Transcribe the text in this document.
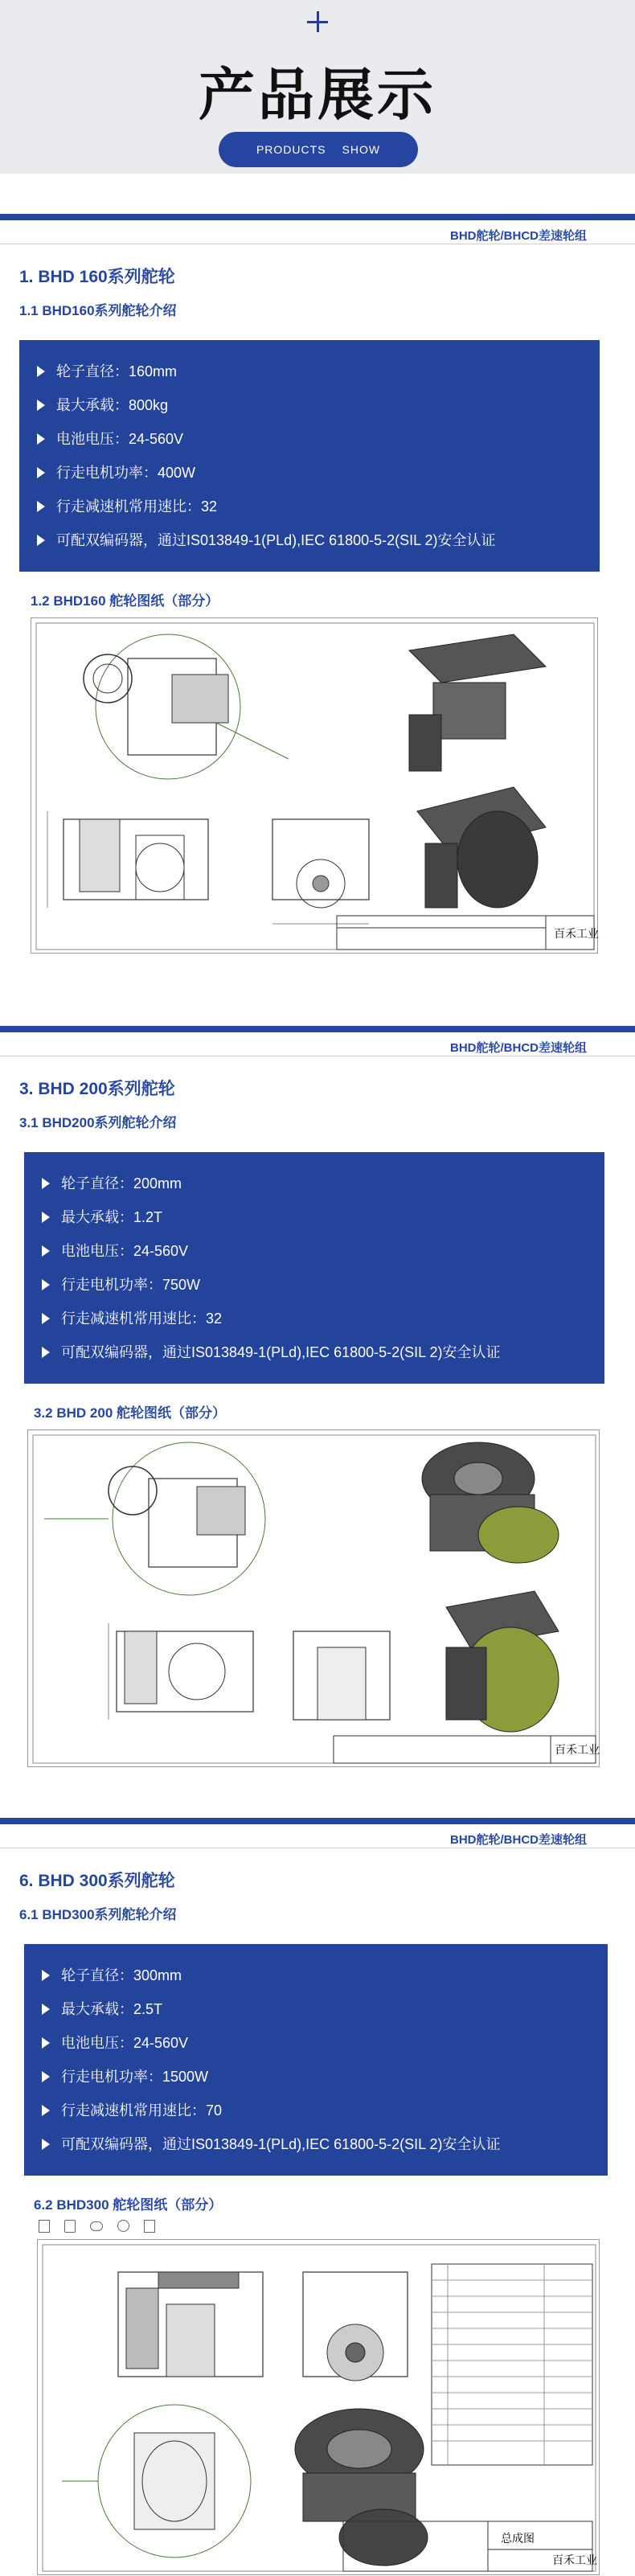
产品展示
PRODUCTS SHOW
BHD舵轮/BHCD差速轮组
1. BHD 160系列舵轮
1.1 BHD160系列舵轮介绍
轮子直径：160mm
最大承载：800kg
电池电压：24-560V
行走电机功率：400W
行走减速机常用速比：32
可配双编码器，通过IS013849-1(PLd),IEC 61800-5-2(SIL 2)安全认证
1.2 BHD160 舵轮图纸（部分）
百禾工业
BHD舵轮/BHCD差速轮组
3. BHD 200系列舵轮
3.1 BHD200系列舵轮介绍
轮子直径：200mm
最大承载：1.2T
电池电压：24-560V
行走电机功率：750W
行走减速机常用速比：32
可配双编码器，通过IS013849-1(PLd),IEC 61800-5-2(SIL 2)安全认证
3.2 BHD 200 舵轮图纸（部分）
百禾工业
BHD舵轮/BHCD差速轮组
6. BHD 300系列舵轮
6.1 BHD300系列舵轮介绍
轮子直径：300mm
最大承载：2.5T
电池电压：24-560V
行走电机功率：1500W
行走减速机常用速比：70
可配双编码器，通过IS013849-1(PLd),IEC 61800-5-2(SIL 2)安全认证
6.2 BHD300 舵轮图纸（部分）
总成图
百禾工业
